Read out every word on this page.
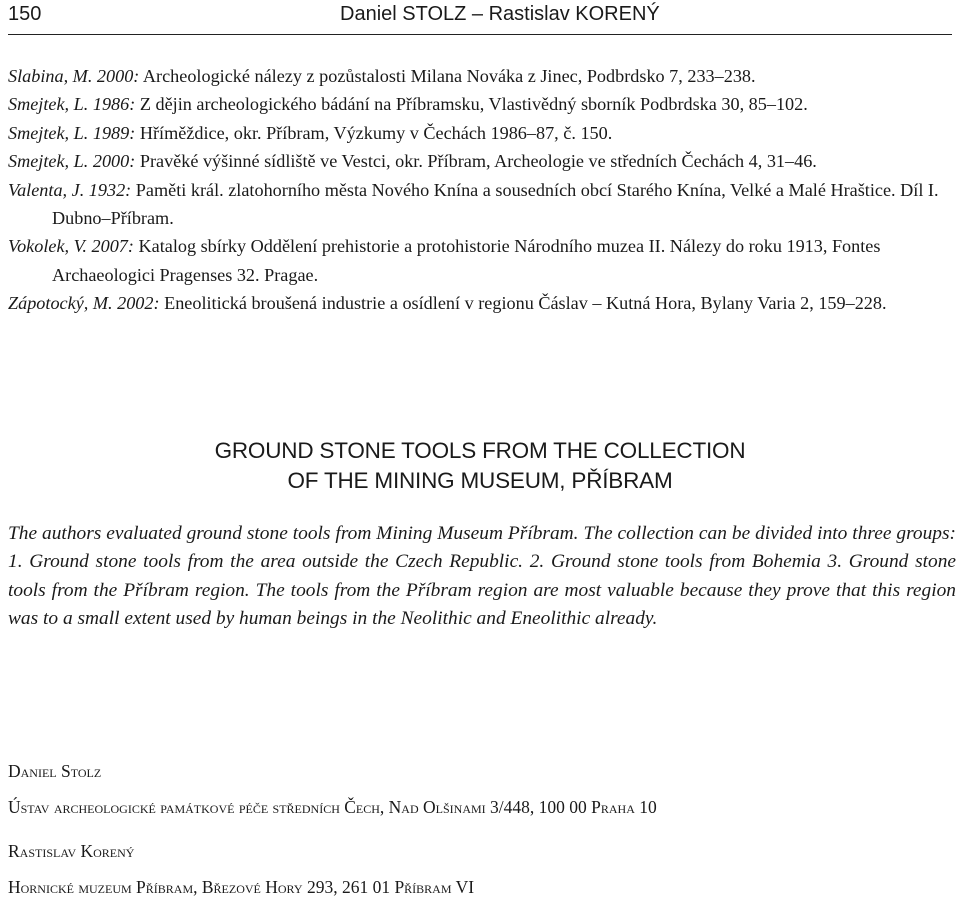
150	Daniel STOLZ – Rastislav KORENÝ

Slabina, M. 2000: Archeologické nálezy z pozůstalosti Milana Nováka z Jinec, Podbrdsko 7, 233–238.

Smejtek, L. 1986: Z dějin archeologického bádání na Příbramsku, Vlastivědný sborník Podbrdska 30, 85–102.

Smejtek, L. 1989: Hříměždice, okr. Příbram, Výzkumy v Čechách 1986–87, č. 150.

Smejtek, L. 2000: Pravěké výšinné sídliště ve Vestci, okr. Příbram, Archeologie ve středních Čechách 4, 31–46.

Valenta, J. 1932: Paměti král. zlatohorního města Nového Knína a sousedních obcí Starého Knína, Velké a Malé Hraštice. Díl I. Dubno–Příbram.

Vokolek, V. 2007: Katalog sbírky Oddělení prehistorie a protohistorie Národního muzea II. Nálezy do roku 1913, Fontes Archaeologici Pragenses 32. Pragae.

Zápotocký, M. 2002: Eneolitická broušená industrie a osídlení v regionu Čáslav – Kutná Hora, Bylany Varia 2, 159–228.

GROUND STONE TOOLS FROM THE COLLECTION
OF THE MINING MUSEUM, PŘÍBRAM

The authors evaluated ground stone tools from Mining Museum Příbram. The collection can be divided into three groups: 1. Ground stone tools from the area outside the Czech Republic. 2. Ground stone tools from Bohemia 3. Ground stone tools from the Příbram region. The tools from the Příbram region are most valuable because they prove that this region was to a small extent used by human beings in the Neolithic and Eneolithic already.

Daniel Stolz
Ústav archeologické památkové péče středních Čech, Nad Olšinami 3/448, 100 00 Praha 10
Rastislav Korený
Hornické muzeum Příbram, Březové Hory 293, 261 01 Příbram VI
